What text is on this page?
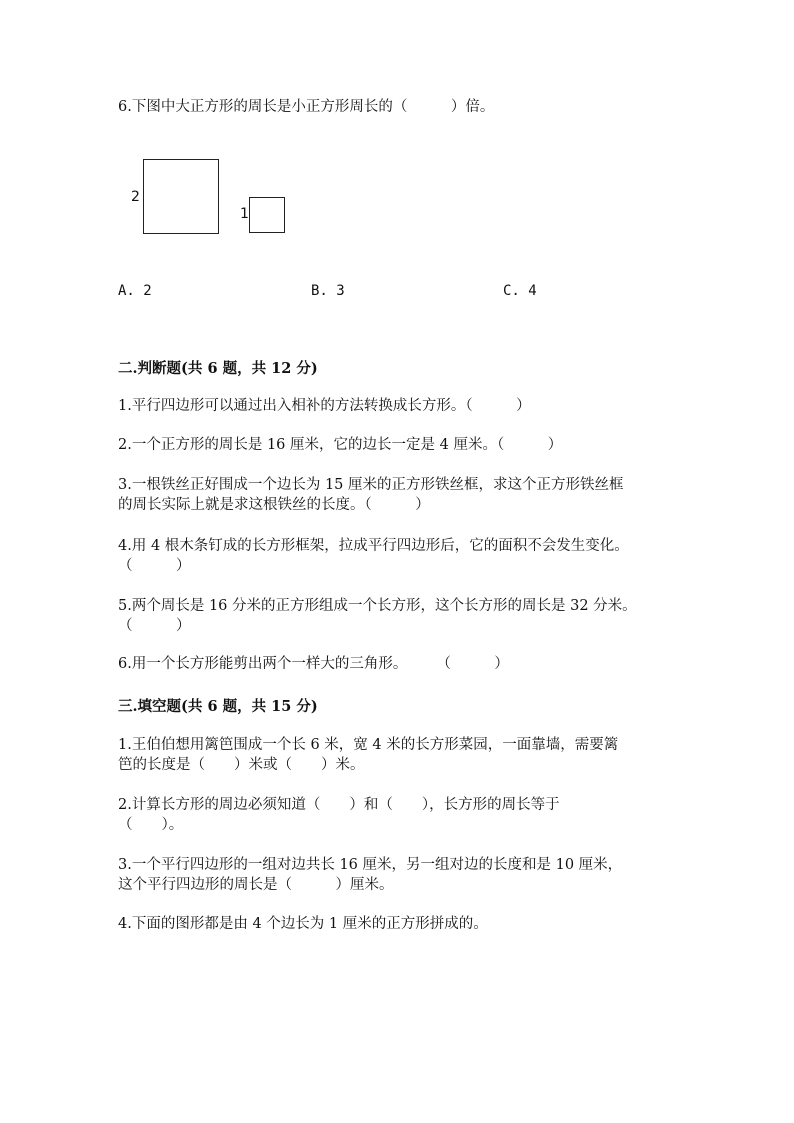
6.下图中大正方形的周长是小正方形周长的（　　　）倍。
2
1
A. 2	B. 3	C. 4
二.判断题(共 6 题，共 12 分)
1.平行四边形可以通过出入相补的方法转换成长方形。（　　　）
2.一个正方形的周长是 16 厘米，它的边长一定是 4 厘米。（　　　）
3.一根铁丝正好围成一个边长为 15 厘米的正方形铁丝框，求这个正方形铁丝框
的周长实际上就是求这根铁丝的长度。（　　　）
4.用 4 根木条钉成的长方形框架，拉成平行四边形后，它的面积不会发生变化。
（　　　）
5.两个周长是 16 分米的正方形组成一个长方形，这个长方形的周长是 32 分米。
（　　　）
6.用一个长方形能剪出两个一样大的三角形。　　　（　　　）
三.填空题(共 6 题，共 15 分)
1.王伯伯想用篱笆围成一个长 6 米，宽 4 米的长方形菜园，一面靠墙，需要篱
笆的长度是（　　）米或（　　）米。
2.计算长方形的周边必须知道（　　）和（　　），长方形的周长等于
（　　）。
3.一个平行四边形的一组对边共长 16 厘米，另一组对边的长度和是 10 厘米，
这个平行四边形的周长是（　　　）厘米。
4.下面的图形都是由 4 个边长为 1 厘米的正方形拼成的。
